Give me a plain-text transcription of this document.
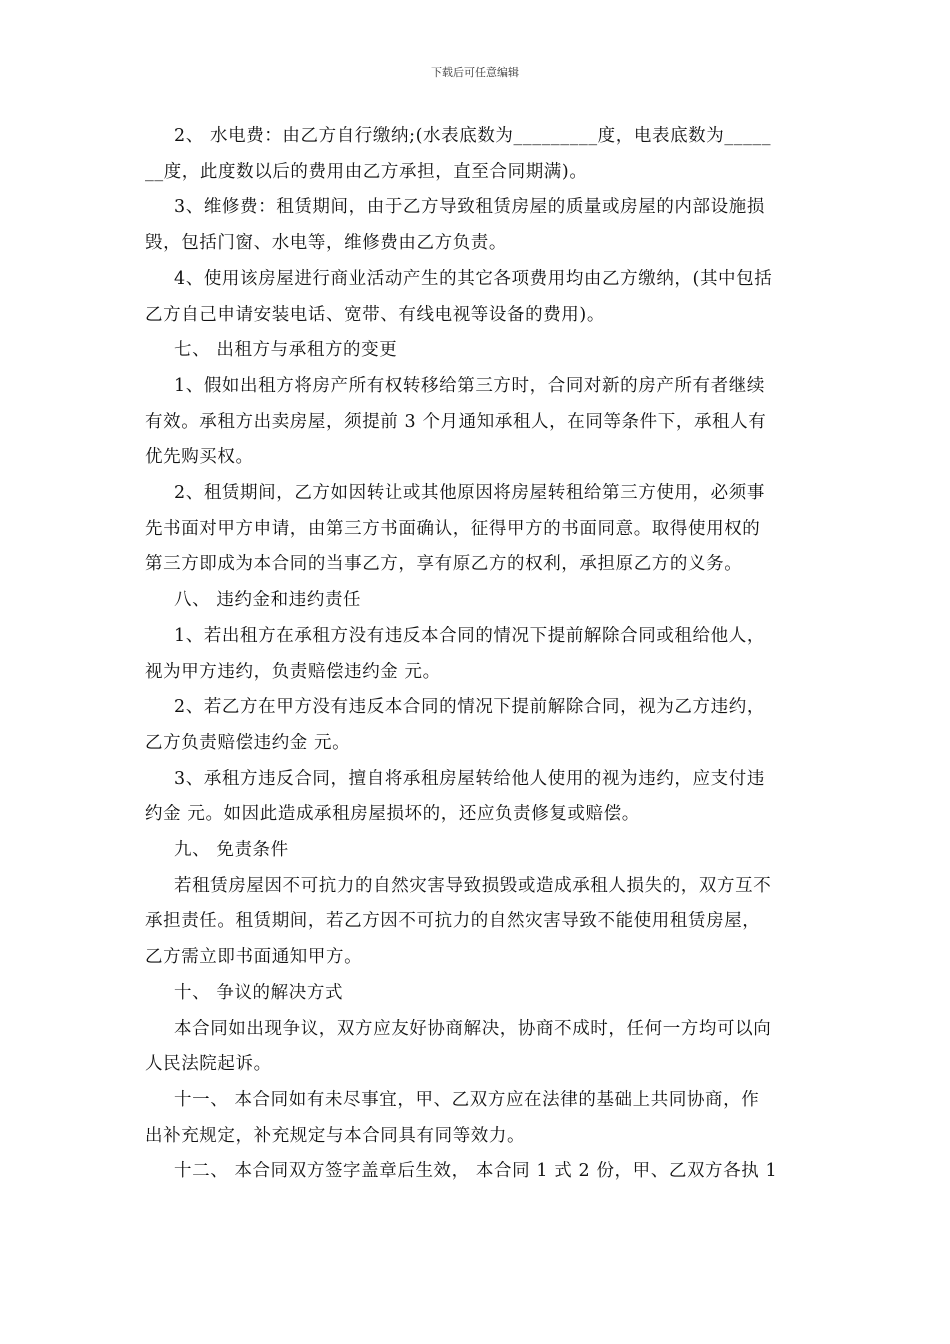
下载后可任意编辑
2、 水电费：由乙方自行缴纳;(水表底数为_________度，电表底数为_____
__度，此度数以后的费用由乙方承担，直至合同期满)。
3、维修费：租赁期间，由于乙方导致租赁房屋的质量或房屋的内部设施损
毁，包括门窗、水电等，维修费由乙方负责。
4、使用该房屋进行商业活动产生的其它各项费用均由乙方缴纳，(其中包括
乙方自己申请安装电话、宽带、有线电视等设备的费用)。
七、 出租方与承租方的变更
1、假如出租方将房产所有权转移给第三方时，合同对新的房产所有者继续
有效。承租方出卖房屋，须提前 3 个月通知承租人，在同等条件下，承租人有
优先购买权。
2、租赁期间，乙方如因转让或其他原因将房屋转租给第三方使用，必须事
先书面对甲方申请，由第三方书面确认，征得甲方的书面同意。取得使用权的
第三方即成为本合同的当事乙方，享有原乙方的权利，承担原乙方的义务。
八、 违约金和违约责任
1、若出租方在承租方没有违反本合同的情况下提前解除合同或租给他人，
视为甲方违约，负责赔偿违约金 元。
2、若乙方在甲方没有违反本合同的情况下提前解除合同，视为乙方违约，
乙方负责赔偿违约金 元。
3、承租方违反合同，擅自将承租房屋转给他人使用的视为违约，应支付违
约金 元。如因此造成承租房屋损坏的，还应负责修复或赔偿。
九、 免责条件
若租赁房屋因不可抗力的自然灾害导致损毁或造成承租人损失的，双方互不
承担责任。租赁期间，若乙方因不可抗力的自然灾害导致不能使用租赁房屋，
乙方需立即书面通知甲方。
十、 争议的解决方式
本合同如出现争议，双方应友好协商解决，协商不成时，任何一方均可以向
人民法院起诉。
十一、 本合同如有未尽事宜，甲、乙双方应在法律的基础上共同协商，作
出补充规定，补充规定与本合同具有同等效力。
十二、 本合同双方签字盖章后生效， 本合同 1 式 2 份，甲、乙双方各执 1
